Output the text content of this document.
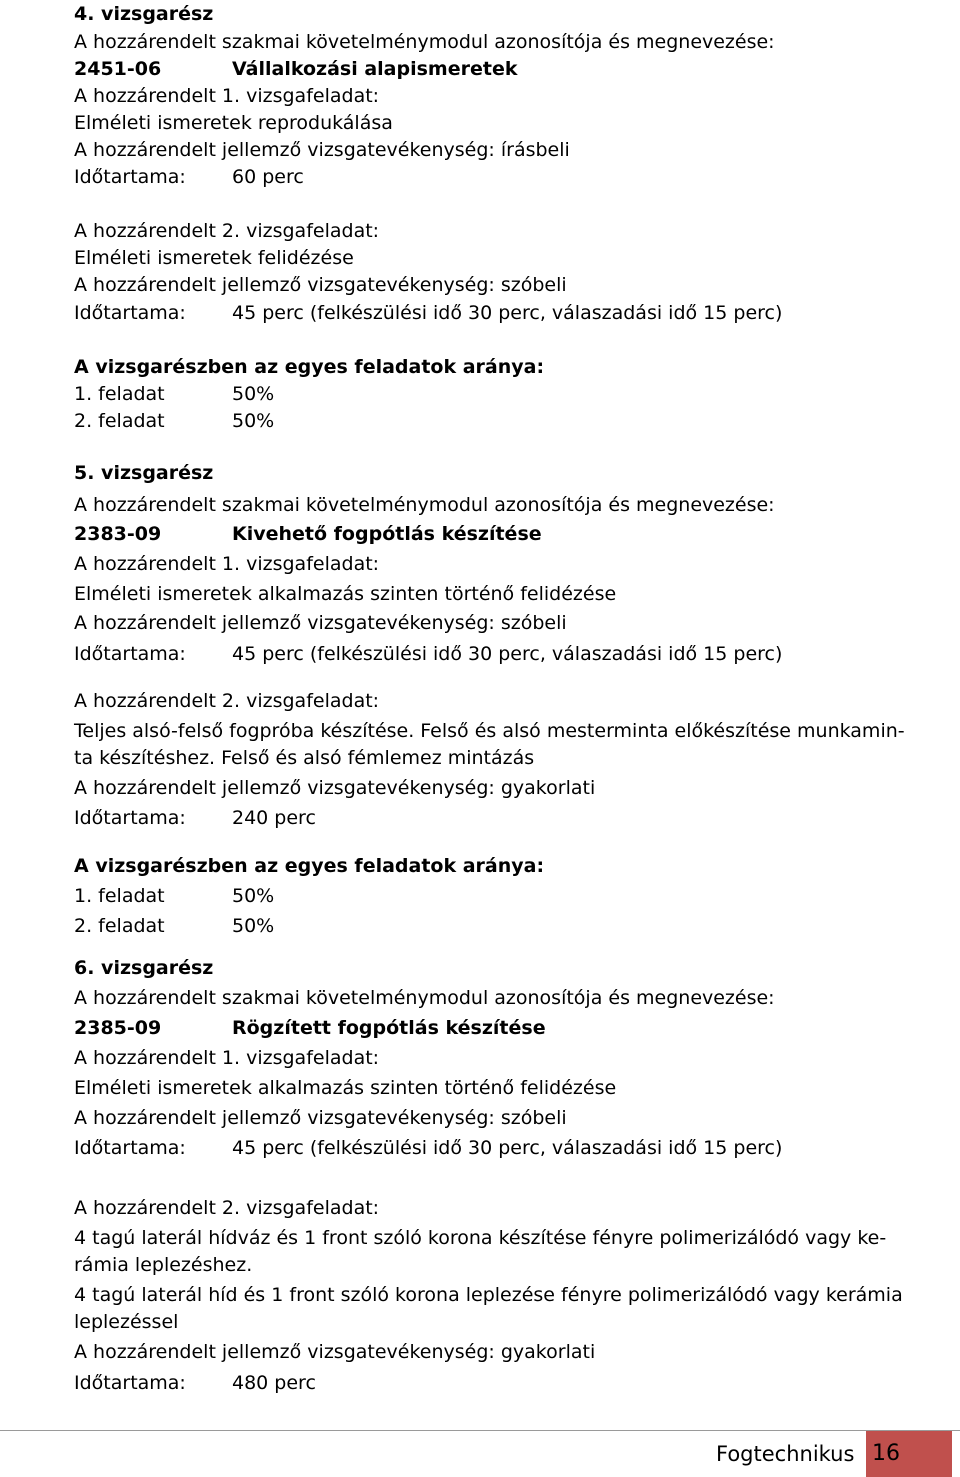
4. vizsgarész
A hozzárendelt szakmai követelménymodul azonosítója és megnevezése:
2451-06	Vállalkozási alapismeretek
A hozzárendelt 1. vizsgafeladat:
Elméleti ismeretek reprodukálása
A hozzárendelt jellemző vizsgatevékenység: írásbeli
Időtartama: 60 perc
A hozzárendelt 2. vizsgafeladat:
Elméleti ismeretek felidézése
A hozzárendelt jellemző vizsgatevékenység: szóbeli
Időtartama: 45 perc (felkészülési idő 30 perc, válaszadási idő 15 perc)
A vizsgarészben az egyes feladatok aránya:
1. feladat	50%
2. feladat	50%
5. vizsgarész
A hozzárendelt szakmai követelménymodul azonosítója és megnevezése:
2383-09	Kivehető fogpótlás készítése
A hozzárendelt 1. vizsgafeladat:
Elméleti ismeretek alkalmazás szinten történő felidézése
A hozzárendelt jellemző vizsgatevékenység: szóbeli
Időtartama: 45 perc (felkészülési idő 30 perc, válaszadási idő 15 perc)
A hozzárendelt 2. vizsgafeladat:
Teljes alsó-felső fogpróba készítése. Felső és alsó mesterminta előkészítése munkamin-
ta készítéshez. Felső és alsó fémlemez mintázás
A hozzárendelt jellemző vizsgatevékenység: gyakorlati
Időtartama: 240 perc
A vizsgarészben az egyes feladatok aránya:
1. feladat	50%
2. feladat	50%
6. vizsgarész
A hozzárendelt szakmai követelménymodul azonosítója és megnevezése:
2385-09	Rögzített fogpótlás készítése
A hozzárendelt 1. vizsgafeladat:
Elméleti ismeretek alkalmazás szinten történő felidézése
A hozzárendelt jellemző vizsgatevékenység: szóbeli
Időtartama: 45 perc (felkészülési idő 30 perc, válaszadási idő 15 perc)
A hozzárendelt 2. vizsgafeladat:
4 tagú laterál hídváz és 1 front szóló korona készítése fényre polimerizálódó vagy ke-
rámia leplezéshez.
4 tagú laterál híd és 1 front szóló korona leplezése fényre polimerizálódó vagy kerámia
leplezéssel
A hozzárendelt jellemző vizsgatevékenység: gyakorlati
Időtartama: 480 perc
Fogtechnikus 16
